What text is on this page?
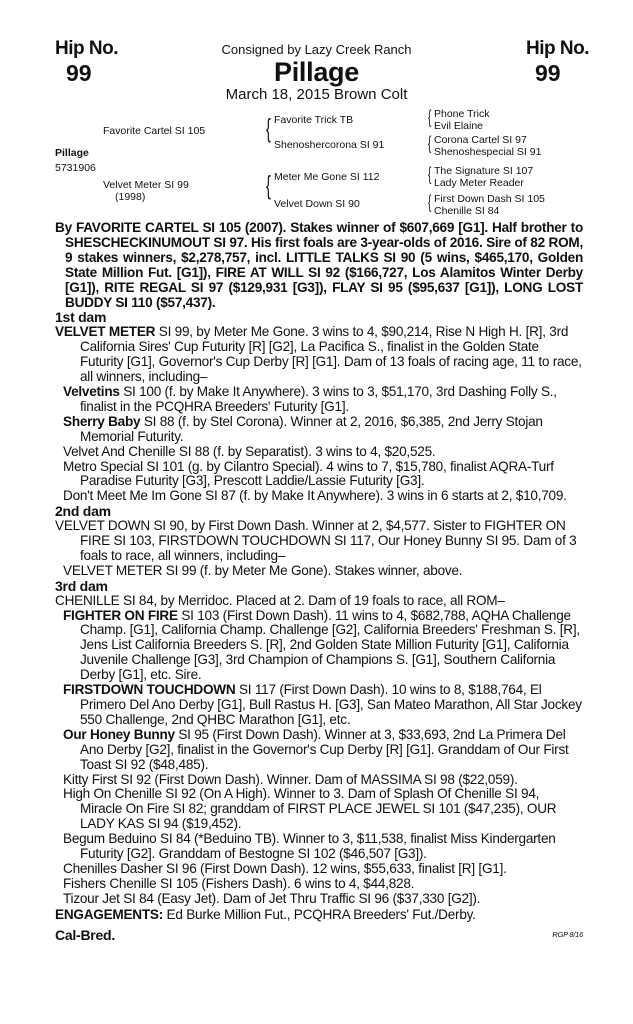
Hip No.
99
Hip No.
99
Consigned by Lazy Creek Ranch
Pillage
March 18, 2015 Brown Colt
Favorite Cartel SI 105
Pillage
5731906
Velvet Meter SI 99
(1998)
{ Favorite Trick TB
Shenoshercorona SI 91
{ Meter Me Gone SI 112
Velvet Down SI 90
{ Phone Trick
Evil Elaine
{ Corona Cartel SI 97
Shenoshespecial SI 91
{ The Signature SI 107
Lady Meter Reader
{ First Down Dash SI 105
Chenille SI 84

By FAVORITE CARTEL SI 105 (2007). Stakes winner of $607,669 [G1]. Half brother to SHESCHECKINUMOUT SI 97. His first foals are 3-year-olds of 2016. Sire of 82 ROM, 9 stakes winners, $2,278,757, incl. LITTLE TALKS SI 90 (5 wins, $465,170, Golden State Million Fut. [G1]), FIRE AT WILL SI 92 ($166,727, Los Alamitos Winter Derby [G1]), RITE REGAL SI 97 ($129,931 [G3]), FLAY SI 95 ($95,637 [G1]), LONG LOST BUDDY SI 110 ($57,437).

1st dam

VELVET METER SI 99, by Meter Me Gone. 3 wins to 4, $90,214, Rise N High H. [R], 3rd California Sires' Cup Futurity [R] [G2], La Pacifica S., finalist in the Golden State Futurity [G1], Governor's Cup Derby [R] [G1]. Dam of 13 foals of racing age, 11 to race, all winners, including–

Velvetins SI 100 (f. by Make It Anywhere). 3 wins to 3, $51,170, 3rd Dashing Folly S., finalist in the PCQHRA Breeders' Futurity [G1].

Sherry Baby SI 88 (f. by Stel Corona). Winner at 2, 2016, $6,385, 2nd Jerry Stojan Memorial Futurity.

Velvet And Chenille SI 88 (f. by Separatist). 3 wins to 4, $20,525.

Metro Special SI 101 (g. by Cilantro Special). 4 wins to 7, $15,780, finalist AQRA-Turf Paradise Futurity [G3], Prescott Laddie/Lassie Futurity [G3].

Don't Meet Me Im Gone SI 87 (f. by Make It Anywhere). 3 wins in 6 starts at 2, $10,709.

2nd dam

VELVET DOWN SI 90, by First Down Dash. Winner at 2, $4,577. Sister to FIGHTER ON FIRE SI 103, FIRSTDOWN TOUCHDOWN SI 117, Our Honey Bunny SI 95. Dam of 3 foals to race, all winners, including–

VELVET METER SI 99 (f. by Meter Me Gone). Stakes winner, above.

3rd dam

CHENILLE SI 84, by Merridoc. Placed at 2. Dam of 19 foals to race, all ROM–

FIGHTER ON FIRE SI 103 (First Down Dash). 11 wins to 4, $682,788, AQHA Challenge Champ. [G1], California Champ. Challenge [G2], California Breeders' Freshman S. [R], Jens List California Breeders S. [R], 2nd Golden State Million Futurity [G1], California Juvenile Challenge [G3], 3rd Champion of Champions S. [G1], Southern California Derby [G1], etc. Sire.

FIRSTDOWN TOUCHDOWN SI 117 (First Down Dash). 10 wins to 8, $188,764, El Primero Del Ano Derby [G1], Bull Rastus H. [G3], San Mateo Marathon, All Star Jockey 550 Challenge, 2nd QHBC Marathon [G1], etc.

Our Honey Bunny SI 95 (First Down Dash). Winner at 3, $33,693, 2nd La Primera Del Ano Derby [G2], finalist in the Governor's Cup Derby [R] [G1]. Granddam of Our First Toast SI 92 ($48,485).

Kitty First SI 92 (First Down Dash). Winner. Dam of MASSIMA SI 98 ($22,059).

High On Chenille SI 92 (On A High). Winner to 3. Dam of Splash Of Chenille SI 94, Miracle On Fire SI 82; granddam of FIRST PLACE JEWEL SI 101 ($47,235), OUR LADY KAS SI 94 ($19,452).

Begum Beduino SI 84 (*Beduino TB). Winner to 3, $11,538, finalist Miss Kindergarten Futurity [G2]. Granddam of Bestogne SI 102 ($46,507 [G3]).

Chenilles Dasher SI 96 (First Down Dash). 12 wins, $55,633, finalist [R] [G1].

Fishers Chenille SI 105 (Fishers Dash). 6 wins to 4, $44,828.

Tizour Jet SI 84 (Easy Jet). Dam of Jet Thru Traffic SI 96 ($37,330 [G2]).

ENGAGEMENTS: Ed Burke Million Fut., PCQHRA Breeders' Fut./Derby.

Cal-Bred.	RGP 8/16
